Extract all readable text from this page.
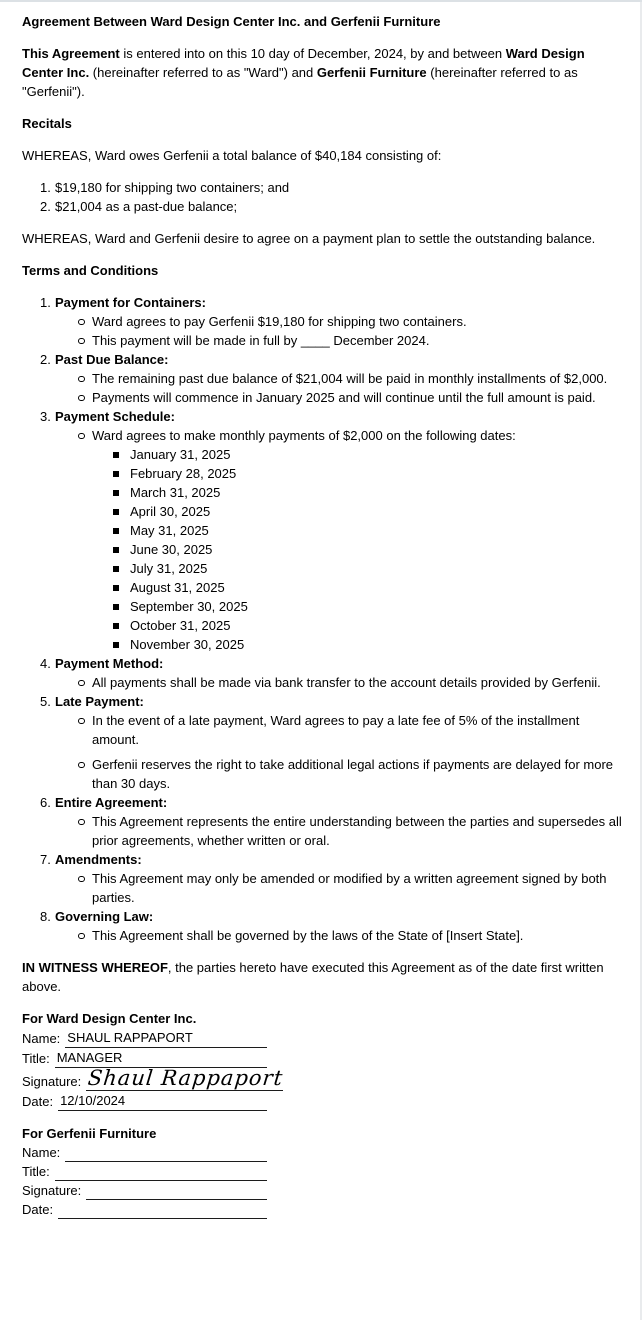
Agreement Between Ward Design Center Inc. and Gerfenii Furniture
This Agreement is entered into on this 10 day of December, 2024, by and between Ward Design Center Inc. (hereinafter referred to as "Ward") and Gerfenii Furniture (hereinafter referred to as "Gerfenii").
Recitals
WHEREAS, Ward owes Gerfenii a total balance of $40,184 consisting of:
1. $19,180 for shipping two containers; and
2. $21,004 as a past-due balance;
WHEREAS, Ward and Gerfenii desire to agree on a payment plan to settle the outstanding balance.
Terms and Conditions
1. Payment for Containers:
Ward agrees to pay Gerfenii $19,180 for shipping two containers.
This payment will be made in full by ____ December 2024.
2. Past Due Balance:
The remaining past due balance of $21,004 will be paid in monthly installments of $2,000.
Payments will commence in January 2025 and will continue until the full amount is paid.
3. Payment Schedule:
Ward agrees to make monthly payments of $2,000 on the following dates:
January 31, 2025
February 28, 2025
March 31, 2025
April 30, 2025
May 31, 2025
June 30, 2025
July 31, 2025
August 31, 2025
September 30, 2025
October 31, 2025
November 30, 2025
4. Payment Method:
All payments shall be made via bank transfer to the account details provided by Gerfenii.
5. Late Payment:
In the event of a late payment, Ward agrees to pay a late fee of 5% of the installment amount.
Gerfenii reserves the right to take additional legal actions if payments are delayed for more than 30 days.
6. Entire Agreement:
This Agreement represents the entire understanding between the parties and supersedes all prior agreements, whether written or oral.
7. Amendments:
This Agreement may only be amended or modified by a written agreement signed by both parties.
8. Governing Law:
This Agreement shall be governed by the laws of the State of [Insert State].
IN WITNESS WHEREOF, the parties hereto have executed this Agreement as of the date first written above.
For Ward Design Center Inc.
Name: SHAUL RAPPAPORT
Title: MANAGER
Signature: Shaul Rappaport
Date: 12/10/2024
For Gerfenii Furniture
Name:
Title:
Signature:
Date:
